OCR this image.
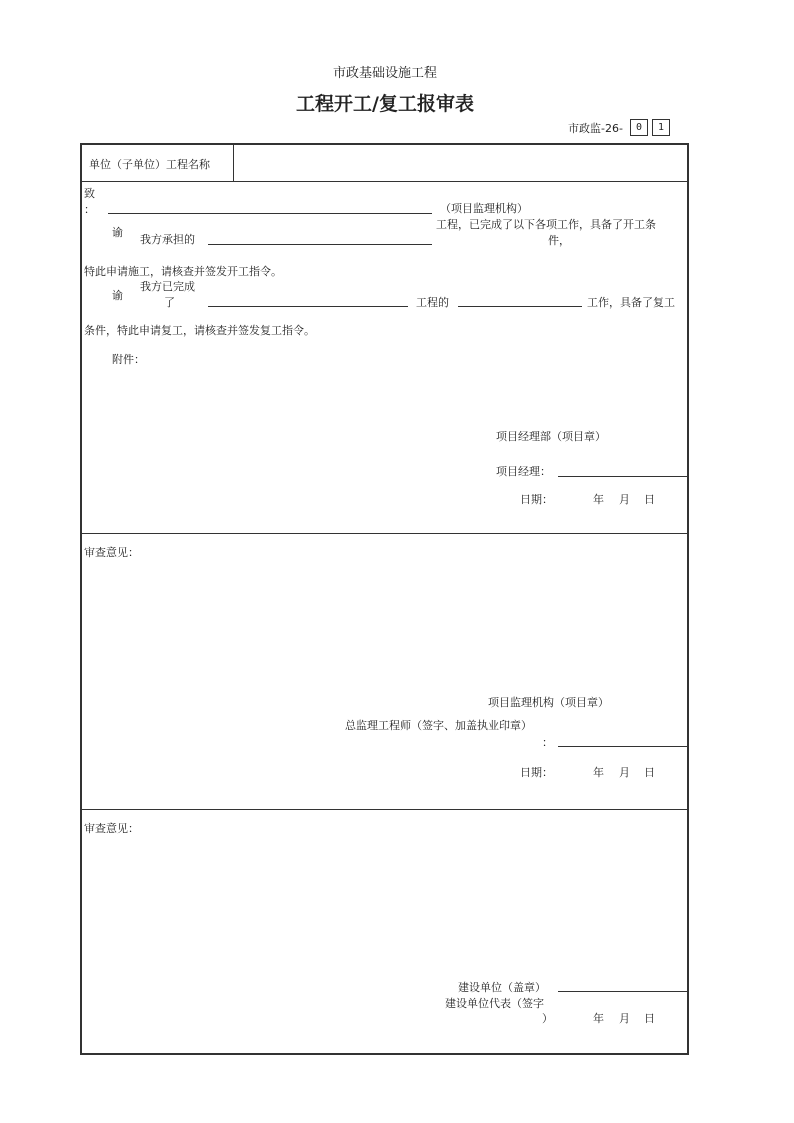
市政基础设施工程
工程开工/复工报审表
市政监-26-	0	1
单位（子单位）工程名称
致
：	（项目监理机构）
谕
我方承担的
工程，已完成了以下各项工作，具备了开工条
件，
特此申请施工，请核查并签发开工指令。
谕
我方已完成
了	工程的	工作，具备了复工
条件，特此申请复工，请核查并签发复工指令。
附件：
项目经理部（项目章）
项目经理：
日期：	年 月 日
审查意见：
项目监理机构（项目章）
总监理工程师（签字、加盖执业印章）
：
日期：	年 月 日
审查意见：
建设单位（盖章）
建设单位代表（签字
）	年 月 日
